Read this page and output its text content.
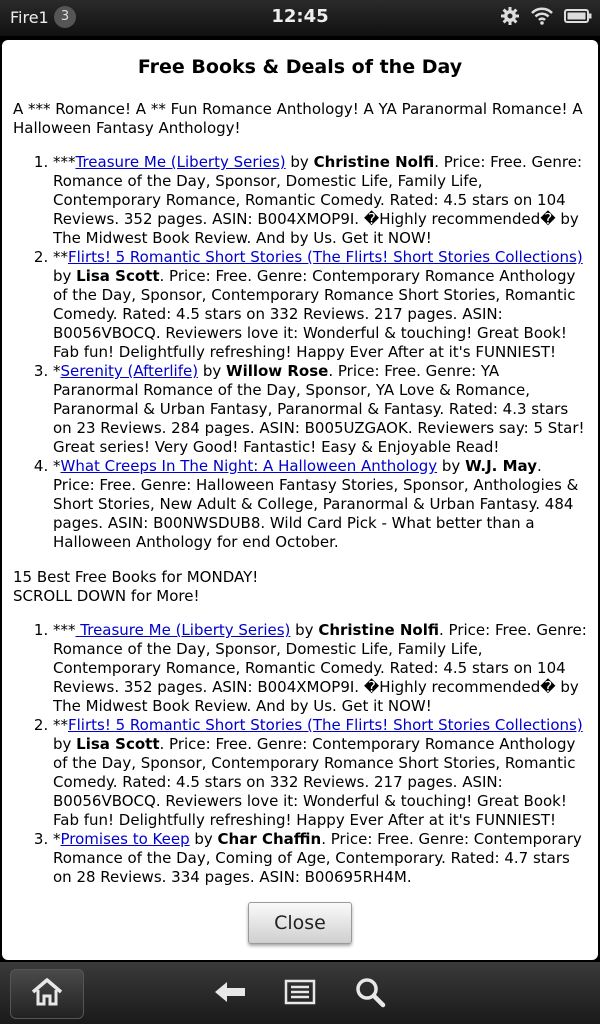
Fire1 3	12:45
Free Books & Deals of the Day

A *** Romance! A ** Fun Romance Anthology! A YA Paranormal Romance! A Halloween Fantasy Anthology!

1. ***Treasure Me (Liberty Series) by Christine Nolfi. Price: Free. Genre: Romance of the Day, Sponsor, Domestic Life, Family Life, Contemporary Romance, Romantic Comedy. Rated: 4.5 stars on 104 Reviews. 352 pages. ASIN: B004XMOP9I. �Highly recommended� by The Midwest Book Review. And by Us. Get it NOW!
2. **Flirts! 5 Romantic Short Stories (The Flirts! Short Stories Collections) by Lisa Scott. Price: Free. Genre: Contemporary Romance Anthology of the Day, Sponsor, Contemporary Romance Short Stories, Romantic Comedy. Rated: 4.5 stars on 332 Reviews. 217 pages. ASIN: B0056VBOCQ. Reviewers love it: Wonderful & touching! Great Book! Fab fun! Delightfully refreshing! Happy Ever After at it's FUNNIEST!
3. *Serenity (Afterlife) by Willow Rose. Price: Free. Genre: YA Paranormal Romance of the Day, Sponsor, YA Love & Romance, Paranormal & Urban Fantasy, Paranormal & Fantasy. Rated: 4.3 stars on 23 Reviews. 284 pages. ASIN: B005UZGAOK. Reviewers say: 5 Star! Great series! Very Good! Fantastic! Easy & Enjoyable Read!
4. *What Creeps In The Night: A Halloween Anthology by W.J. May. Price: Free. Genre: Halloween Fantasy Stories, Sponsor, Anthologies & Short Stories, New Adult & College, Paranormal & Urban Fantasy. 484 pages. ASIN: B00NWSDUB8. Wild Card Pick - What better than a Halloween Anthology for end October.

15 Best Free Books for MONDAY!

SCROLL DOWN for More!

1. *** Treasure Me (Liberty Series) by Christine Nolfi. Price: Free. Genre: Romance of the Day, Sponsor, Domestic Life, Family Life, Contemporary Romance, Romantic Comedy. Rated: 4.5 stars on 104 Reviews. 352 pages. ASIN: B004XMOP9I. �Highly recommended� by The Midwest Book Review. And by Us. Get it NOW!
2. **Flirts! 5 Romantic Short Stories (The Flirts! Short Stories Collections) by Lisa Scott. Price: Free. Genre: Contemporary Romance Anthology of the Day, Sponsor, Contemporary Romance Short Stories, Romantic Comedy. Rated: 4.5 stars on 332 Reviews. 217 pages. ASIN: B0056VBOCQ. Reviewers love it: Wonderful & touching! Great Book! Fab fun! Delightfully refreshing! Happy Ever After at it's FUNNIEST!
3. *Promises to Keep by Char Chaffin. Price: Free. Genre: Contemporary Romance of the Day, Coming of Age, Contemporary. Rated: 4.7 stars on 28 Reviews. 334 pages. ASIN: B00695RH4M.
Close
